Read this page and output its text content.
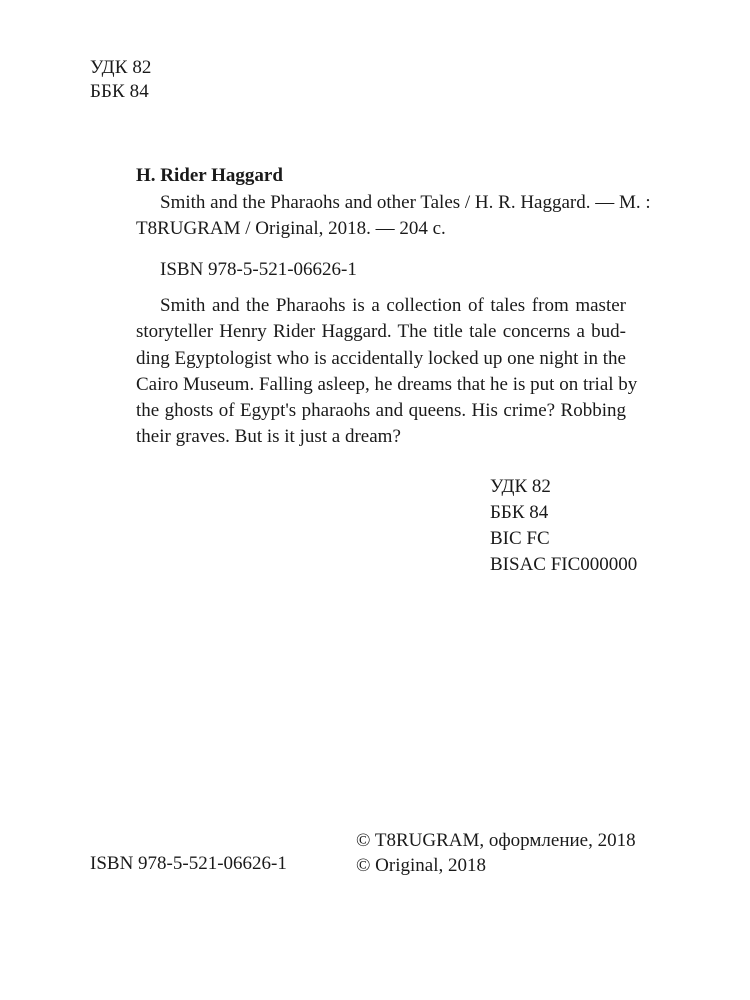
УДК 82
ББК 84
H. Rider Haggard
Smith and the Pharaohs and other Tales / H. R. Haggard. — М. :
T8RUGRAM / Original, 2018. — 204 с.
ISBN 978-5-521-06626-1
Smith and the Pharaohs is a collection of tales from master
storyteller Henry Rider Haggard. The title tale concerns a bud-
ding Egyptologist who is accidentally locked up one night in the
Cairo Museum. Falling asleep, he dreams that he is put on trial by
the ghosts of Egypt's pharaohs and queens. His crime? Robbing
their graves. But is it just a dream?
УДК 82
ББК 84
BIC FC
BISAC FIC000000
ISBN 978-5-521-06626-1
© T8RUGRAM, оформление, 2018
© Original, 2018
